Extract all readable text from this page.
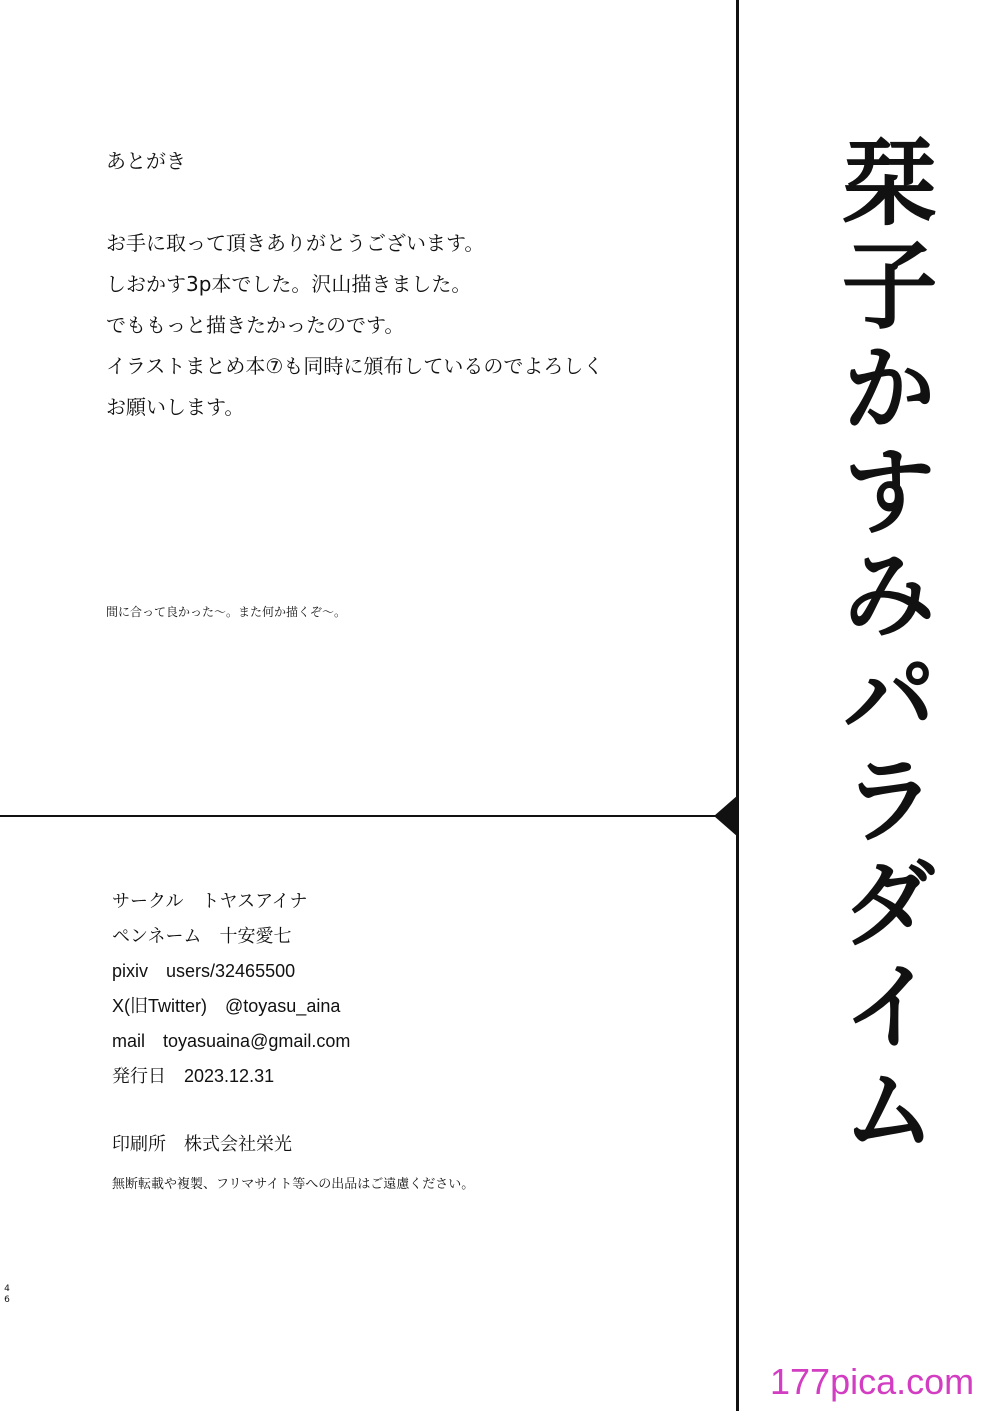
あとがき
お手に取って頂きありがとうございます。
しおかす3p本でした。沢山描きました。
でももっと描きたかったのです。
イラストまとめ本⑦も同時に頒布しているのでよろしく
お願いします。
間に合って良かった～。また何か描くぞ～。
サークル　トヤスアイナ
ペンネーム　十安愛七
pixiv　users/32465500
X(旧Twitter)　@toyasu_aina
mail　toyasuaina@gmail.com
発行日　2023.12.31
印刷所　株式会社栄光
無断転載や複製、フリマサイト等への出品はご遠慮ください。
46
栞子かすみパラダイム
177pica.com
